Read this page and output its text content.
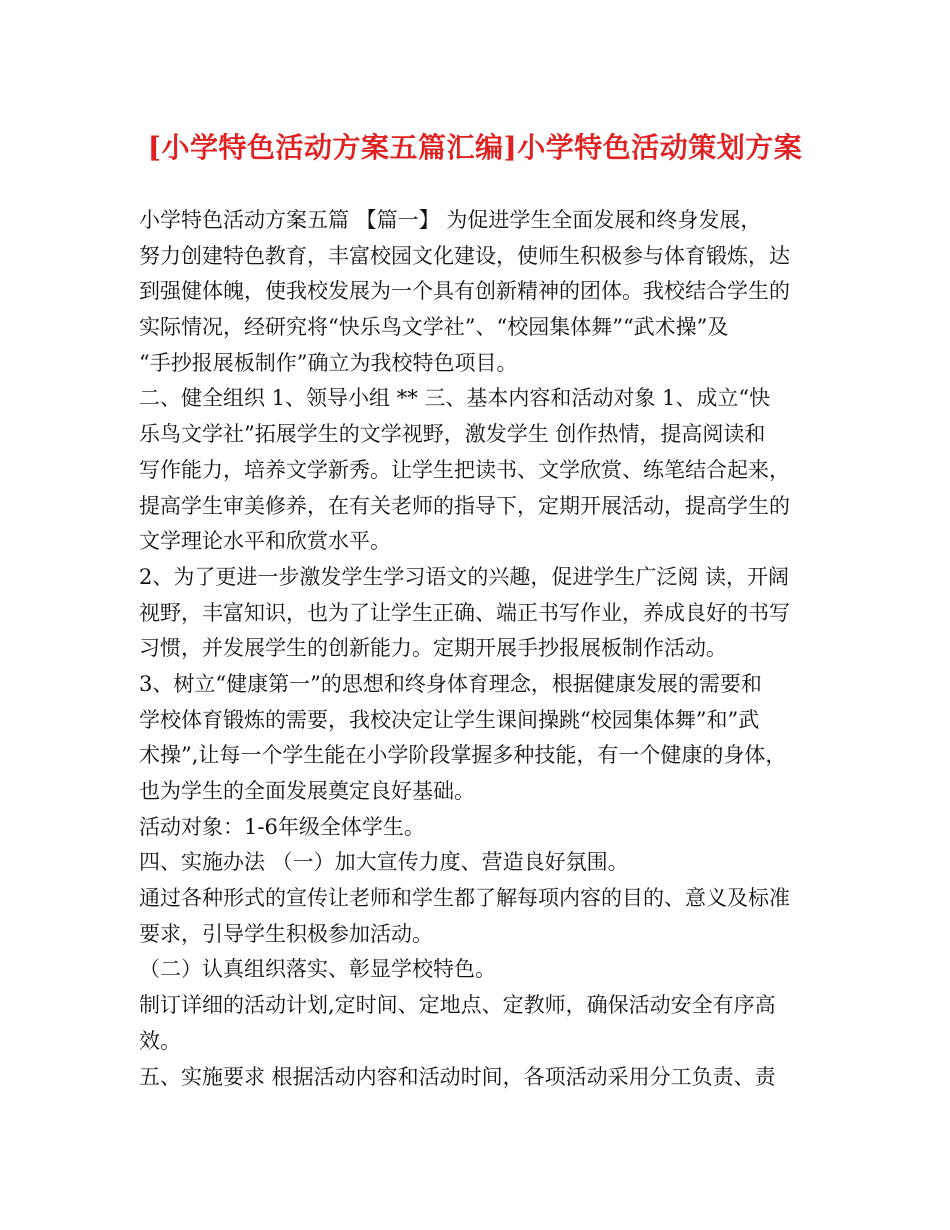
[小学特色活动方案五篇汇编]小学特色活动策划方案
小学特色活动方案五篇 【篇一】 为促进学生全面发展和终身发展，
努力创建特色教育，丰富校园文化建设，使师生积极参与体育锻炼，达
到强健体魄，使我校发展为一个具有创新精神的团体。我校结合学生的
实际情况，经研究将“快乐鸟文学社”、“校园集体舞”“武术操”及
“手抄报展板制作”确立为我校特色项目。
二、健全组织 1、领导小组 ** 三、基本内容和活动对象 1、成立“快
乐鸟文学社”拓展学生的文学视野，激发学生 创作热情，提高阅读和
写作能力，培养文学新秀。让学生把读书、文学欣赏、练笔结合起来，
提高学生审美修养，在有关老师的指导下，定期开展活动，提高学生的
文学理论水平和欣赏水平。
2、为了更进一步激发学生学习语文的兴趣，促进学生广泛阅 读，开阔
视野，丰富知识，也为了让学生正确、端正书写作业，养成良好的书写
习惯，并发展学生的创新能力。定期开展手抄报展板制作活动。
3、树立“健康第一”的思想和终身体育理念，根据健康发展的需要和
学校体育锻炼的需要，我校决定让学生课间操跳“校园集体舞”和”武
术操”,让每一个学生能在小学阶段掌握多种技能，有一个健康的身体，
也为学生的全面发展奠定良好基础。
活动对象：1-6年级全体学生。
四、实施办法 （一）加大宣传力度、营造良好氛围。
通过各种形式的宣传让老师和学生都了解每项内容的目的、意义及标准
要求，引导学生积极参加活动。
（二）认真组织落实、彰显学校特色。
制订详细的活动计划,定时间、定地点、定教师，确保活动安全有序高
效。
五、实施要求 根据活动内容和活动时间，各项活动采用分工负责、责
